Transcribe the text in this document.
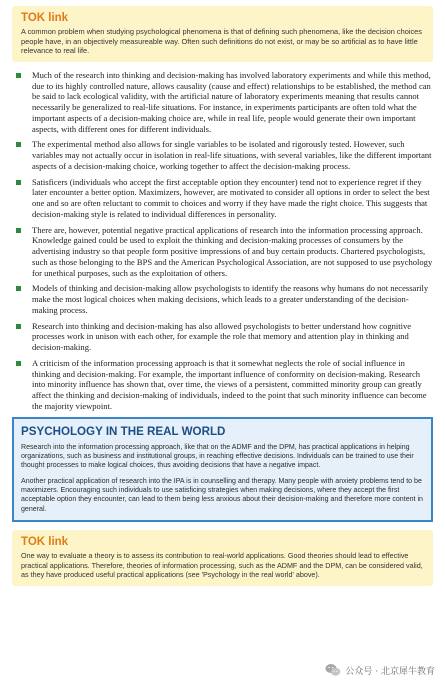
TOK link
A common problem when studying psychological phenomena is that of defining such phenomena, like the decision choices people have, in an objectively measureable way. Often such definitions do not exist, or may be so artificial as to have little relevance to real life.
Much of the research into thinking and decision-making has involved laboratory experiments and while this method, due to its highly controlled nature, allows causality (cause and effect) relationships to be established, the method can be said to lack ecological validity, with the artificial nature of laboratory experiments meaning that results cannot necessarily be generalized to real-life situations. For instance, in experiments participants are often told what the important aspects of a decision-making choice are, while in real life, people would generate their own important aspects, with different ones for different individuals.
The experimental method also allows for single variables to be isolated and rigorously tested. However, such variables may not actually occur in isolation in real-life situations, with several variables, like the different important aspects of a decision-making choice, working together to affect the decision-making process.
Satisficers (individuals who accept the first acceptable option they encounter) tend not to experience regret if they later encounter a better option. Maximizers, however, are motivated to consider all options in order to select the best one and so are often reluctant to commit to choices and worry if they have made the right choice. This suggests that decision-making style is related to individual differences in personality.
There are, however, potential negative practical applications of research into the information processing approach. Knowledge gained could be used to exploit the thinking and decision-making processes of consumers by the advertising industry so that people form positive impressions of and buy certain products. Chartered psychologists, such as those belonging to the BPS and the American Psychological Association, are not supposed to use psychology for unethical purposes, such as the exploitation of others.
Models of thinking and decision-making allow psychologists to identify the reasons why humans do not necessarily make the most logical choices when making decisions, which leads to a greater understanding of the decision-making process.
Research into thinking and decision-making has also allowed psychologists to better understand how cognitive processes work in unison with each other, for example the role that memory and attention play in thinking and decision-making.
A criticism of the information processing approach is that it somewhat neglects the role of social influence in thinking and decision-making. For example, the important influence of conformity on decision-making. Research into minority influence has shown that, over time, the views of a persistent, committed minority group can greatly affect the thinking and decision-making of individuals, indeed to the point that such minority influence can become the majority viewpoint.
PSYCHOLOGY IN THE REAL WORLD

Research into the information processing approach, like that on the ADMF and the DPM, has practical applications in helping organizations, such as business and institutional groups, in reaching effective decisions. Individuals can be trained to use their thought processes to make logical choices, thus avoiding decisions that have a negative impact.

Another practical application of research into the IPA is in counselling and therapy. Many people with anxiety problems tend to be maximizers. Encouraging such individuals to use satisficing strategies when making decisions, where they accept the first acceptable option they encounter, can lead to them being less anxious about their decision-making and therefore more content in general.

TOK link
One way to evaluate a theory is to assess its contribution to real-world applications. Good theories should lead to effective practical applications. Therefore, theories of information processing, such as the ADMF and the DPM, can be considered valid, as they have produced useful practical applications (see 'Psychology in the real world' above).
公众号 · 北京犀牛教育
